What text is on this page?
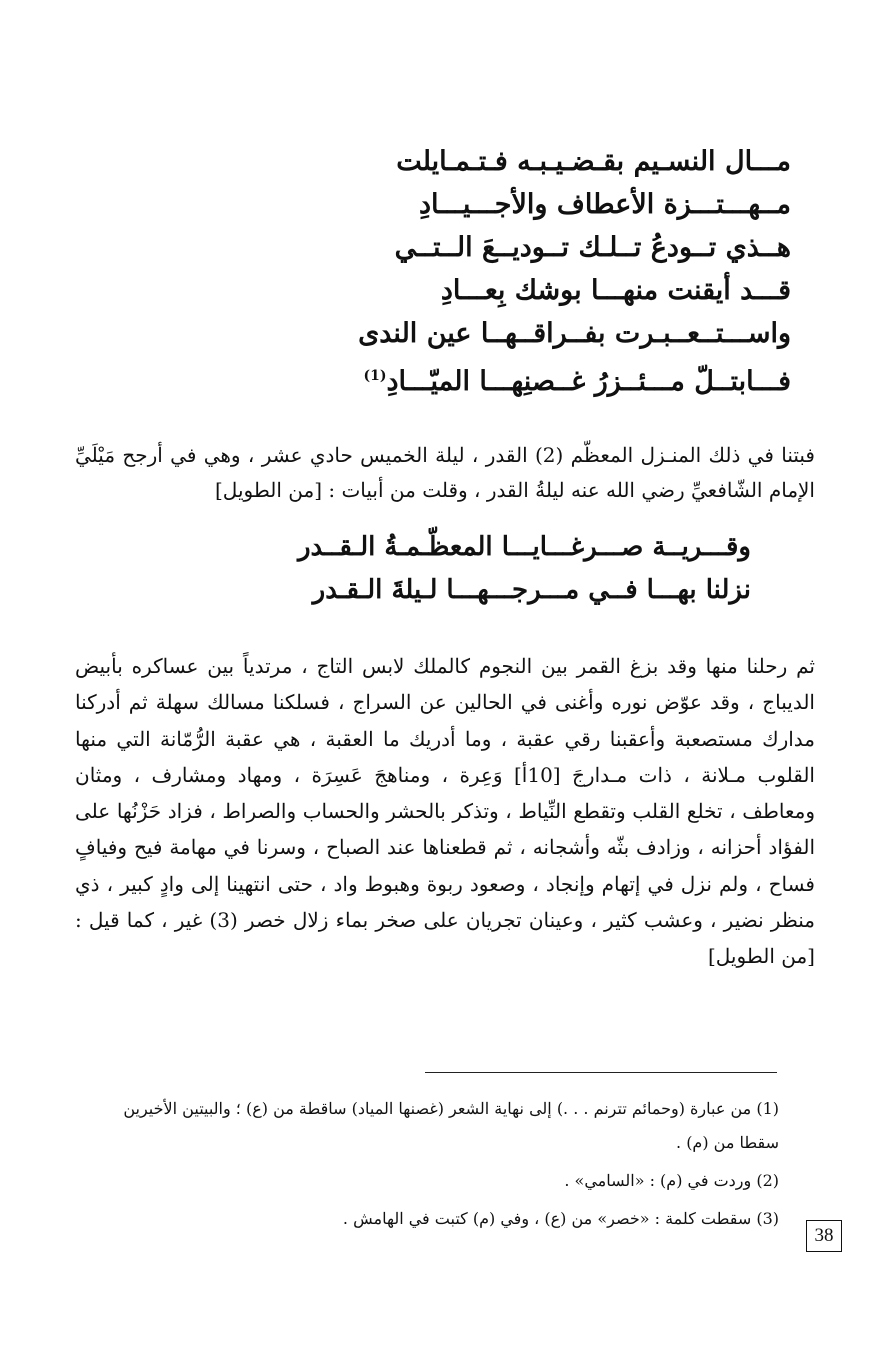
مـــال النسـيم بقـضـيـبـه فـتـمـايلت
مــهـــتـــزة الأعطاف والأجـــيـــادِ
هــذي تــودعُ تــلـك تــوديــعَ الــتــي
قـــد أيقنت منهـــا بوشك بِعـــادِ
واســـتــعــبـرت بفــراقــهــا عين الندى
فـــابتــلّ مـــئــزرُ غــصنِهـــا الميّـــادِ$^{(1)}$

فبتنا في ذلك المنـزل المعظّم (2) القدر ، ليلة الخميس حادي عشر ، وهي في أرجح مَيْلَيِّ الإمام الشّافعيِّ رضي الله عنه ليلةُ القدر ، وقلت من أبيات : [من الطويل]

وقـــريــة صـــرغـــايـــا المعظّـمـةُ الـقــدر
نزلنا بهـــا فــي مـــرجـــهـــا لـيلةَ الـقـدر

ثم رحلنا منها وقد بزغ القمر بين النجوم كالملك لابس التاج ، مرتدياً بين عساكره بأبيض الديباج ، وقد عوّض نوره وأغنى في الحالين عن السراج ، فسلكنا مسالك سهلة ثم أدركنا مدارك مستصعبة وأعقبنا رقي عقبة ، وما أدريك ما العقبة ، هي عقبة الرُّمّانة التي منها القلوب مـلانة ، ذات مـدارجَ [10أ] وَعِرة ، ومناهجَ عَسِرَة ، ومهاد ومشارف ، ومثان ومعاطف ، تخلع القلب وتقطع النِّياط ، وتذكر بالحشر والحساب والصراط ، فزاد حَزْنُها على الفؤاد أحزانه ، وزادف بثّه وأشجانه ، ثم قطعناها عند الصباح ، وسرنا في مهامة فيح وفيافٍ فساح ، ولم نزل في إتهام وإنجاد ، وصعود ربوة وهبوط واد ، حتى انتهينا إلى وادٍ كبير ، ذي منظر نضير ، وعشب كثير ، وعينان تجريان على صخر بماء زلال خصر (3) غير ، كما قيل : [من الطويل]

(1) من عبارة (وحمائم تترنم . . .) إلى نهاية الشعر (غصنها المياد) ساقطة من (ع) ؛ والبيتين الأخيرين سقطا من (م) .

(2) وردت في (م) : «السامي» .

(3) سقطت كلمة : «خصر» من (ع) ، وفي (م) كتبت في الهامش .

38
